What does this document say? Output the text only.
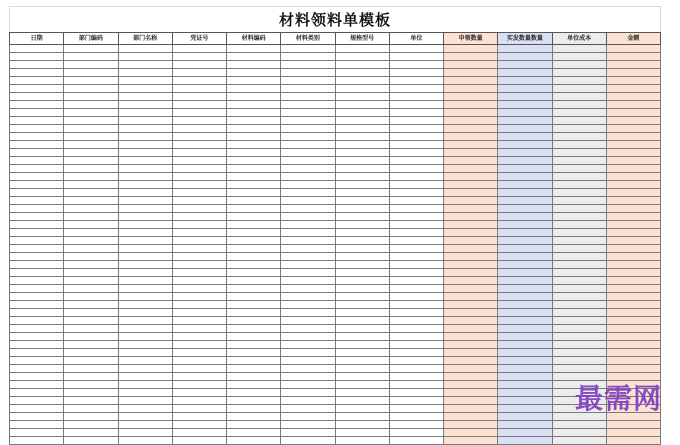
材料领料单模板
日期	部门编码	部门名称	凭证号	材料编码	材料类别	规格型号	单位	申领数量	实发数量数量	单位成本	金额

最需网
